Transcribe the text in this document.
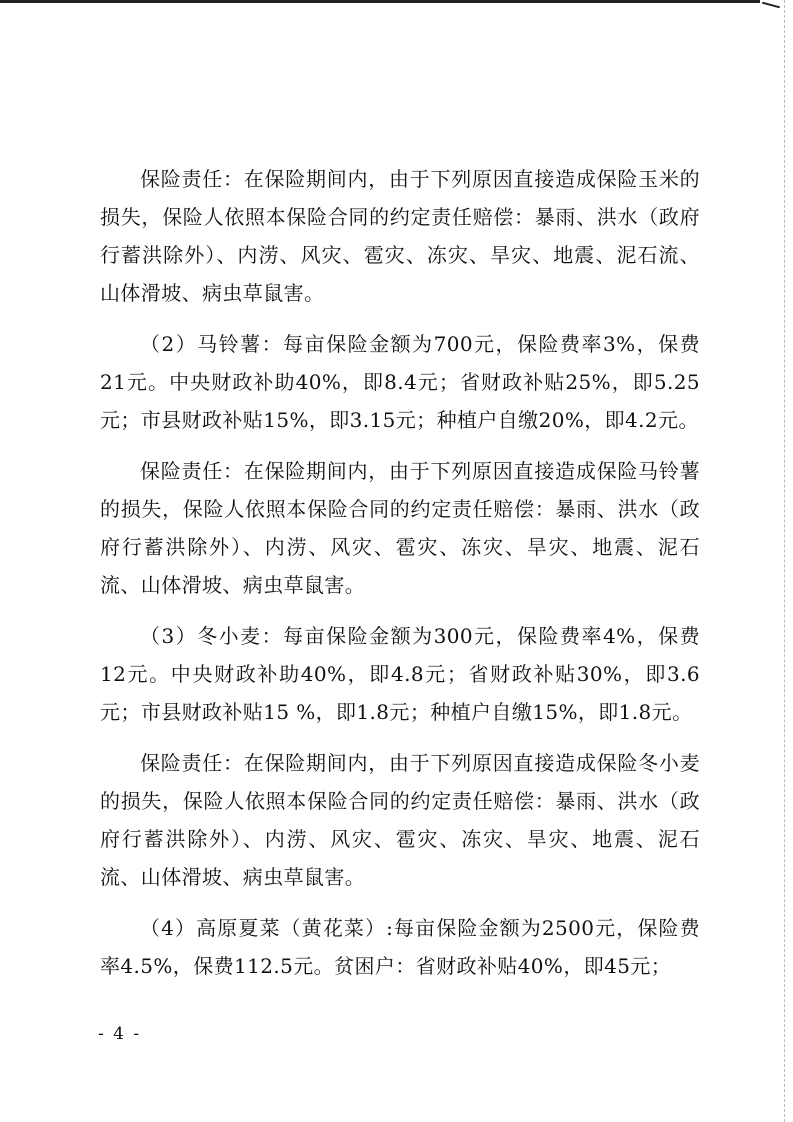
保险责任：在保险期间内，由于下列原因直接造成保险玉米的损失，保险人依照本保险合同的约定责任赔偿：暴雨、洪水（政府行蓄洪除外）、内涝、风灾、雹灾、冻灾、旱灾、地震、泥石流、山体滑坡、病虫草鼠害。

（2）马铃薯：每亩保险金额为700元，保险费率3%，保费21元。中央财政补助40%，即8.4元；省财政补贴25%，即5.25元；市县财政补贴15%，即3.15元；种植户自缴20%，即4.2元。

保险责任：在保险期间内，由于下列原因直接造成保险马铃薯的损失，保险人依照本保险合同的约定责任赔偿：暴雨、洪水（政府行蓄洪除外）、内涝、风灾、雹灾、冻灾、旱灾、地震、泥石流、山体滑坡、病虫草鼠害。

（3）冬小麦：每亩保险金额为300元，保险费率4%，保费12元。中央财政补助40%，即4.8元；省财政补贴30%，即3.6元；市县财政补贴15 %，即1.8元；种植户自缴15%，即1.8元。

保险责任：在保险期间内，由于下列原因直接造成保险冬小麦的损失，保险人依照本保险合同的约定责任赔偿：暴雨、洪水（政府行蓄洪除外）、内涝、风灾、雹灾、冻灾、旱灾、地震、泥石流、山体滑坡、病虫草鼠害。

（4）高原夏菜（黄花菜）:每亩保险金额为2500元，保险费率4.5%，保费112.5元。贫困户：省财政补贴40%，即45元；

- 4 -
